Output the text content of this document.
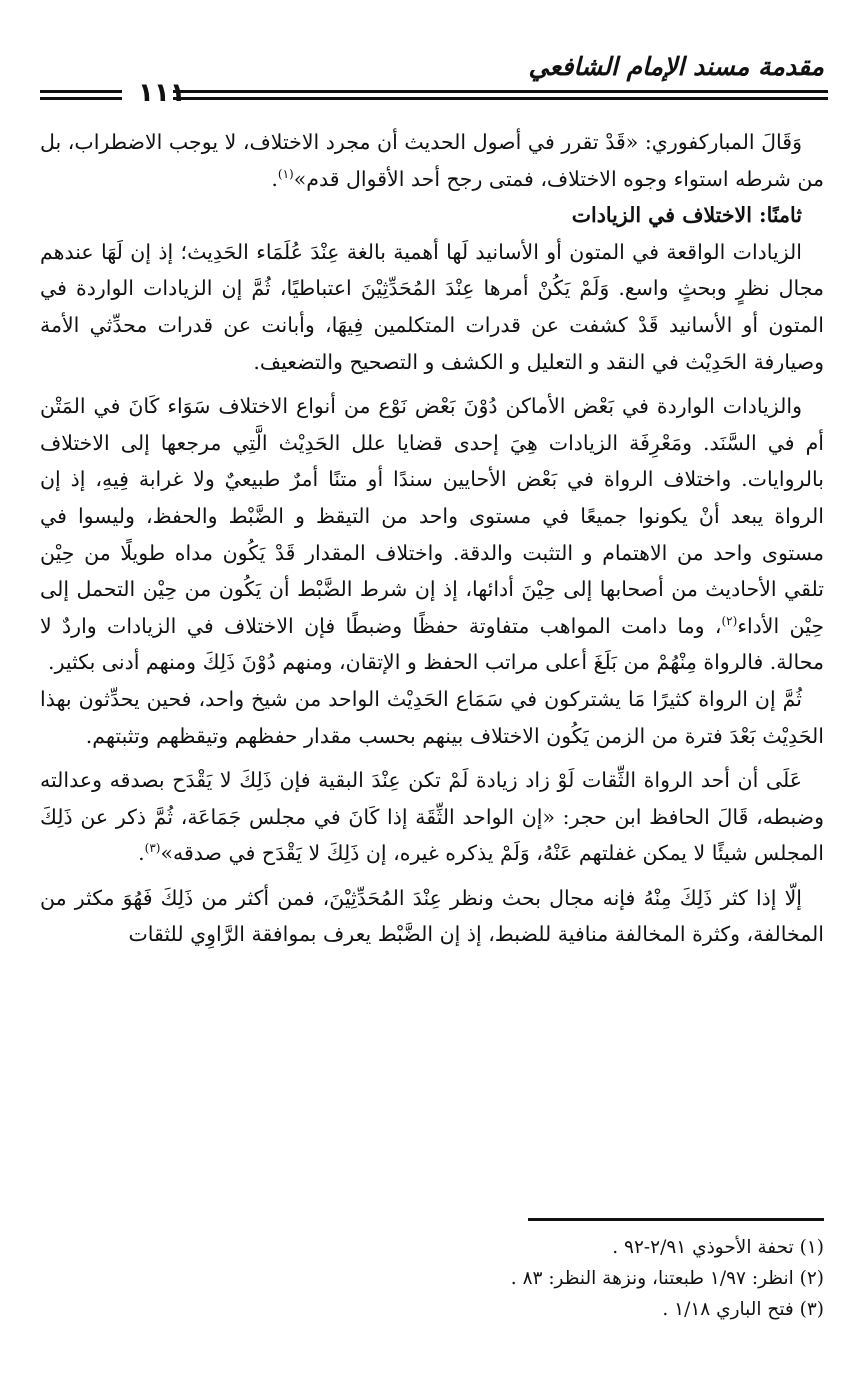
مقدمة مسند الإمام الشافعي
١١١

وَقَالَ المباركفوري: «قَدْ تقرر في أصول الحديث أن مجرد الاختلاف، لا يوجب الاضطراب، بل من شرطه استواء وجوه الاختلاف، فمتى رجح أحد الأقوال قدم»$^{(١)}$.

ثامنًا: الاختلاف في الزيادات

الزيادات الواقعة في المتون أو الأسانيد لَها أهمية بالغة عِنْدَ عُلَمَاء الحَدِيث؛ إذ إن لَهَا عندهم مجال نظرٍ وبحثٍ واسع. وَلَمْ يَكُنْ أمرها عِنْدَ المُحَدِّثِيْنَ اعتباطيًا، ثُمَّ إن الزيادات الواردة في المتون أو الأسانيد قَدْ كشفت عن قدرات المتكلمين فِيهَا، وأبانت عن قدرات محدِّثي الأمة وصيارفة الحَدِيْث في النقد و التعليل و الكشف و التصحيح والتضعيف.

والزيادات الواردة في بَعْض الأماكن دُوْنَ بَعْض نَوْع من أنواع الاختلاف سَوَاء كَانَ في المَتْن أم في السَّنَد. ومَعْرِفَة الزيادات هِيَ إحدى قضايا علل الحَدِيْث الَّتِي مرجعها إلى الاختلاف بالروايات. واختلاف الرواة في بَعْض الأحايين سندًا أو متنًا أمرٌ طبيعيٌ ولا غرابة فِيهِ، إذ إن الرواة يبعد أنْ يكونوا جميعًا في مستوى واحد من التيقظ و الضَّبْط والحفظ، وليسوا في مستوى واحد من الاهتمام و التثبت والدقة. واختلاف المقدار قَدْ يَكُون مداه طويلًا من حِيْن تلقي الأحاديث من أصحابها إلى حِيْنَ أدائها، إذ إن شرط الضَّبْط أن يَكُون من حِيْن التحمل إلى حِيْن الأداء$^{(٢)}$، وما دامت المواهب متفاوتة حفظًا وضبطًا فإن الاختلاف في الزيادات واردٌ لا محالة. فالرواة مِنْهُمْ من بَلَغَ أعلى مراتب الحفظ و الإتقان، ومنهم دُوْنَ ذَلِكَ ومنهم أدنى بكثير.

ثُمَّ إن الرواة كثيرًا مَا يشتركون في سَمَاع الحَدِيْث الواحد من شيخ واحد، فحين يحدِّثون بهذا الحَدِيْث بَعْدَ فترة من الزمن يَكُون الاختلاف بينهم بحسب مقدار حفظهم وتيقظهم وتثبتهم.

عَلَى أن أحد الرواة الثِّقات لَوْ زاد زيادة لَمْ تكن عِنْدَ البقية فإن ذَلِكَ لا يَقْدَح بصدقه وعدالته وضبطه، قَالَ الحافظ ابن حجر: «إن الواحد الثِّقَة إذا كَانَ في مجلس جَمَاعَة، ثُمَّ ذكر عن ذَلِكَ المجلس شيئًا لا يمكن غفلتهم عَنْهُ، وَلَمْ يذكره غيره، إن ذَلِكَ لا يَقْدَح في صدقه»$^{(٣)}$.

إلّا إذا كثر ذَلِكَ مِنْهُ فإنه مجال بحث ونظر عِنْدَ المُحَدِّثِيْنَ، فمن أكثر من ذَلِكَ فَهُوَ مكثر من المخالفة، وكثرة المخالفة منافية للضبط، إذ إن الضَّبْط يعرف بموافقة الرَّاوِي للثقات

(١) تحفة الأحوذي ٢/٩١-٩٢ .

(٢) انظر: ١/٩٧ طبعتنا، ونزهة النظر: ٨٣ .

(٣) فتح الباري ١/١٨ .
